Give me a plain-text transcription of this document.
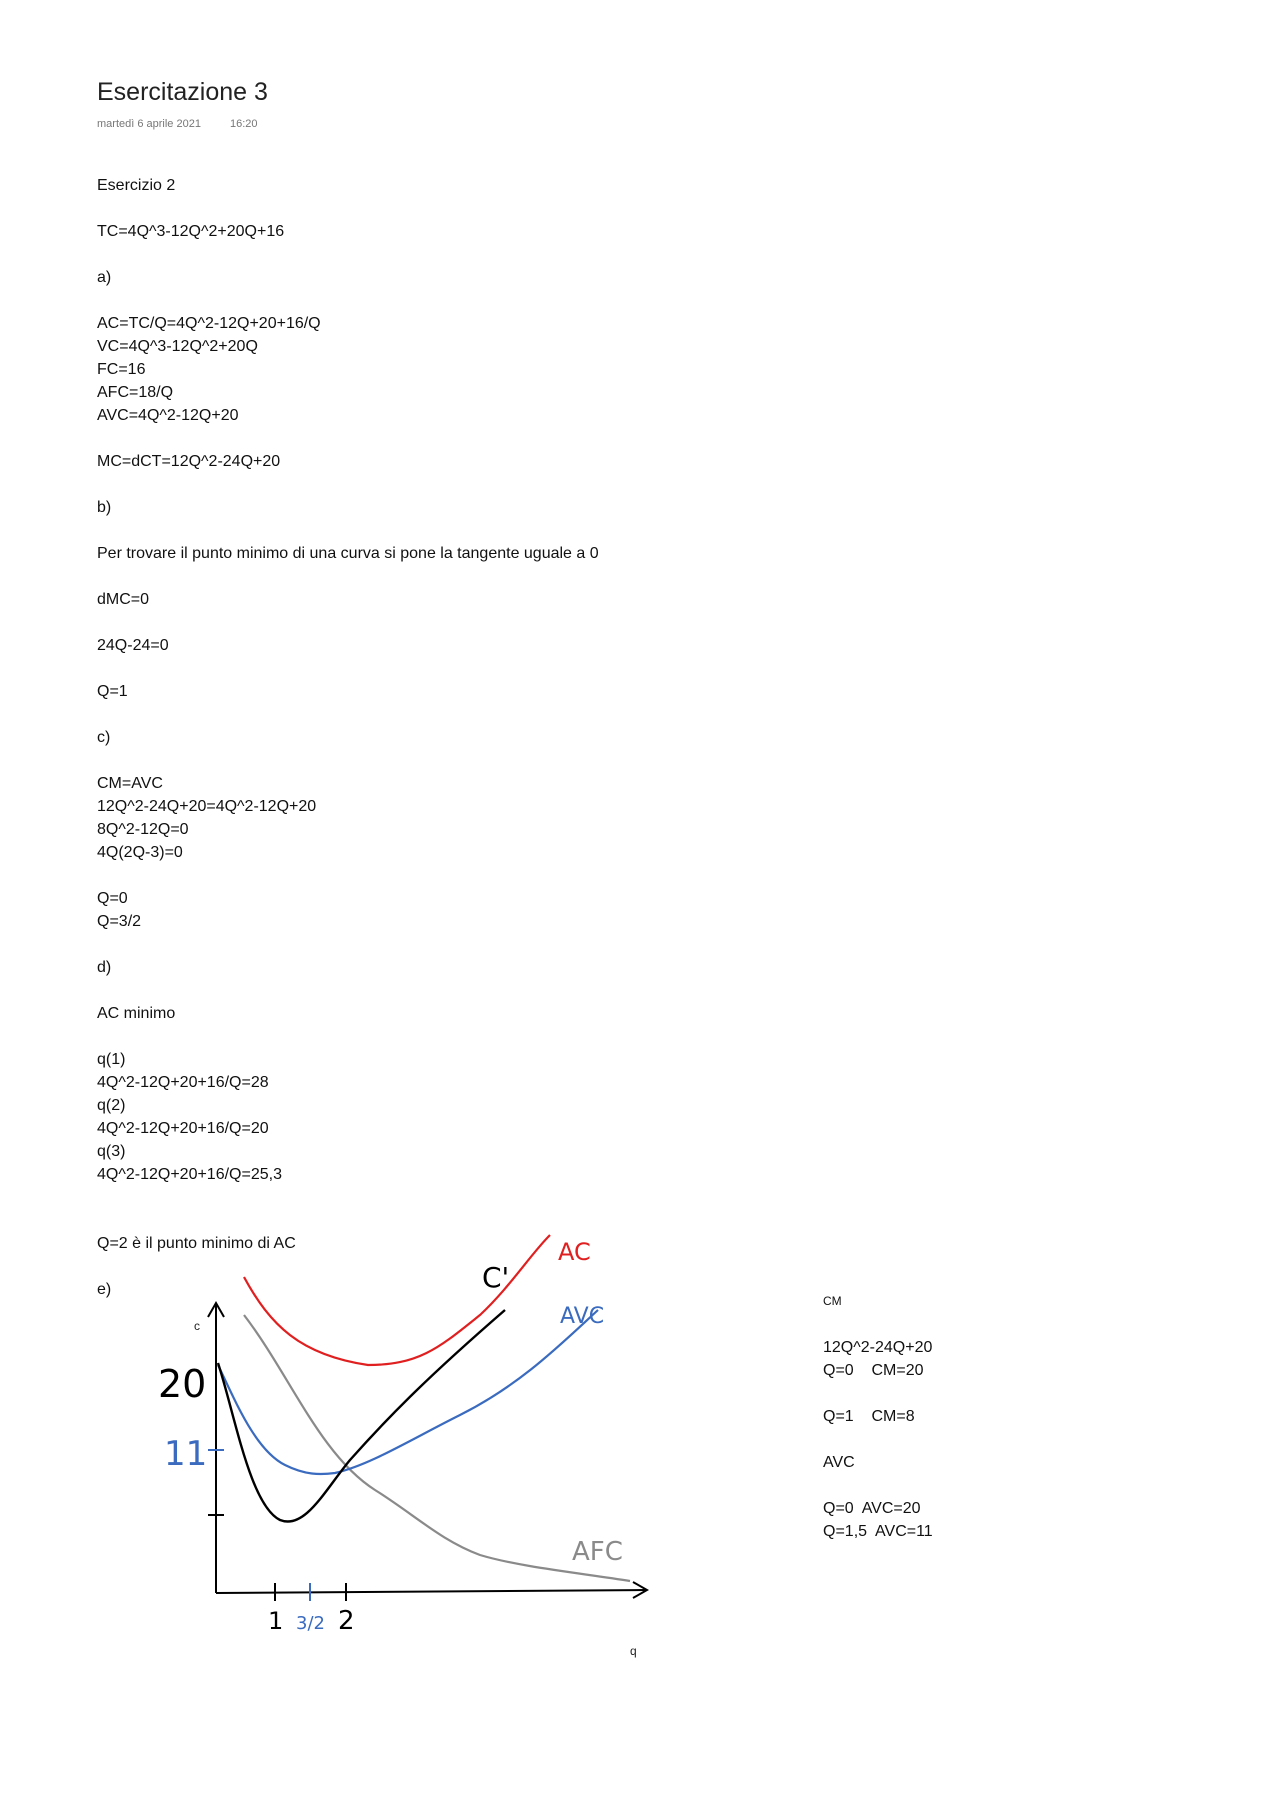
Esercitazione 3
martedì 6 aprile 2021	16:20
Esercizio 2
TC=4Q^3-12Q^2+20Q+16
a)
AC=TC/Q=4Q^2-12Q+20+16/Q
VC=4Q^3-12Q^2+20Q
FC=16
AFC=18/Q
AVC=4Q^2-12Q+20
MC=dCT=12Q^2-24Q+20
b)
Per trovare il punto minimo di una curva si pone la tangente uguale a 0
dMC=0
24Q-24=0
Q=1
c)
CM=AVC
12Q^2-24Q+20=4Q^2-12Q+20
8Q^2-12Q=0
4Q(2Q-3)=0
Q=0
Q=3/2
d)
AC minimo
q(1)
4Q^2-12Q+20+16/Q=28
q(2)
4Q^2-12Q+20+16/Q=20
q(3)
4Q^2-12Q+20+16/Q=25,3
Q=2 è il punto minimo di AC
e)
CM
12Q^2-24Q+20
Q=0    CM=20
Q=1    CM=8
AVC
Q=0  AVC=20
Q=1,5  AVC=11
c
q
20
11
1 3/2 2
AC
AVC
AFC
C'
